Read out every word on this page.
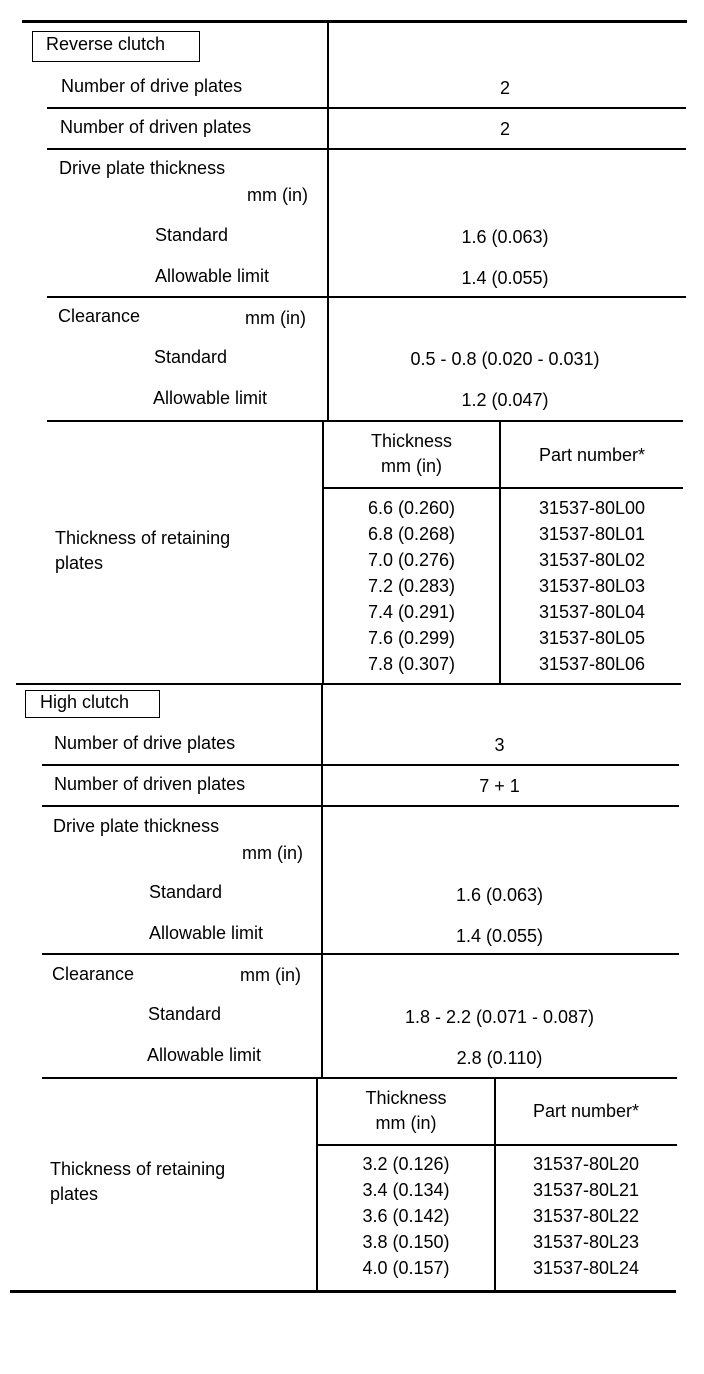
Reverse clutch
Number of drive plates	2
Number of driven plates	2
Drive plate thickness
mm (in)
Standard	1.6 (0.063)
Allowable limit	1.4 (0.055)
Clearance	mm (in)
Standard	0.5 - 0.8 (0.020 - 0.031)
Allowable limit	1.2 (0.047)
Thickness of retaining
plates
Thickness
mm (in)
Part number*
6.6 (0.260)	31537-80L00
6.8 (0.268)	31537-80L01
7.0 (0.276)	31537-80L02
7.2 (0.283)	31537-80L03
7.4 (0.291)	31537-80L04
7.6 (0.299)	31537-80L05
7.8 (0.307)	31537-80L06
High clutch
Number of drive plates	3
Number of driven plates	7 + 1
Drive plate thickness
mm (in)
Standard	1.6 (0.063)
Allowable limit	1.4 (0.055)
Clearance	mm (in)
Standard	1.8 - 2.2 (0.071 - 0.087)
Allowable limit	2.8 (0.110)
Thickness of retaining
plates
Thickness
mm (in)
Part number*
3.2 (0.126)	31537-80L20
3.4 (0.134)	31537-80L21
3.6 (0.142)	31537-80L22
3.8 (0.150)	31537-80L23
4.0 (0.157)	31537-80L24
